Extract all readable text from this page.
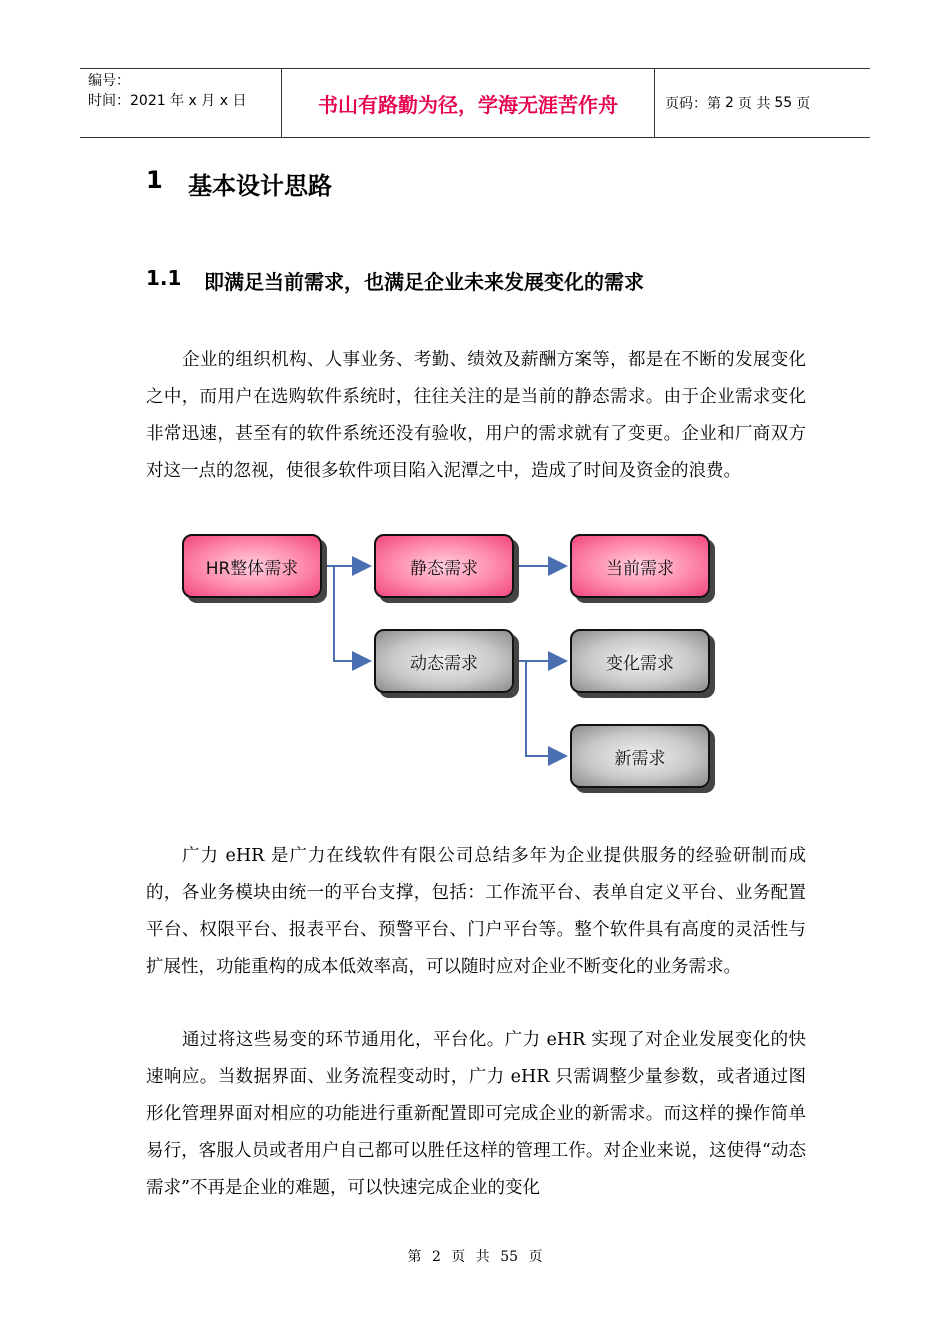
编号：
时间：2021 年 x 月 x 日	书山有路勤为径，学海无涯苦作舟	页码：第 2 页 共 55 页
1	基本设计思路
1.1	即满足当前需求，也满足企业未来发展变化的需求
企业的组织机构、人事业务、考勤、绩效及薪酬方案等，都是在不断的发展变化之中，而用户在选购软件系统时，往往关注的是当前的静态需求。由于企业需求变化非常迅速，甚至有的软件系统还没有验收，用户的需求就有了变更。企业和厂商双方对这一点的忽视，使很多软件项目陷入泥潭之中，造成了时间及资金的浪费。
HR整体需求	静态需求	当前需求
动态需求	变化需求
新需求
广力 eHR 是广力在线软件有限公司总结多年为企业提供服务的经验研制而成的，各业务模块由统一的平台支撑，包括：工作流平台、表单自定义平台、业务配置平台、权限平台、报表平台、预警平台、门户平台等。整个软件具有高度的灵活性与扩展性，功能重构的成本低效率高，可以随时应对企业不断变化的业务需求。
通过将这些易变的环节通用化，平台化。广力 eHR 实现了对企业发展变化的快速响应。当数据界面、业务流程变动时，广力 eHR 只需调整少量参数，或者通过图形化管理界面对相应的功能进行重新配置即可完成企业的新需求。而这样的操作简单易行，客服人员或者用户自己都可以胜任这样的管理工作。对企业来说，这使得“动态需求”不再是企业的难题，可以快速完成企业的变化
第 2 页 共 55 页
